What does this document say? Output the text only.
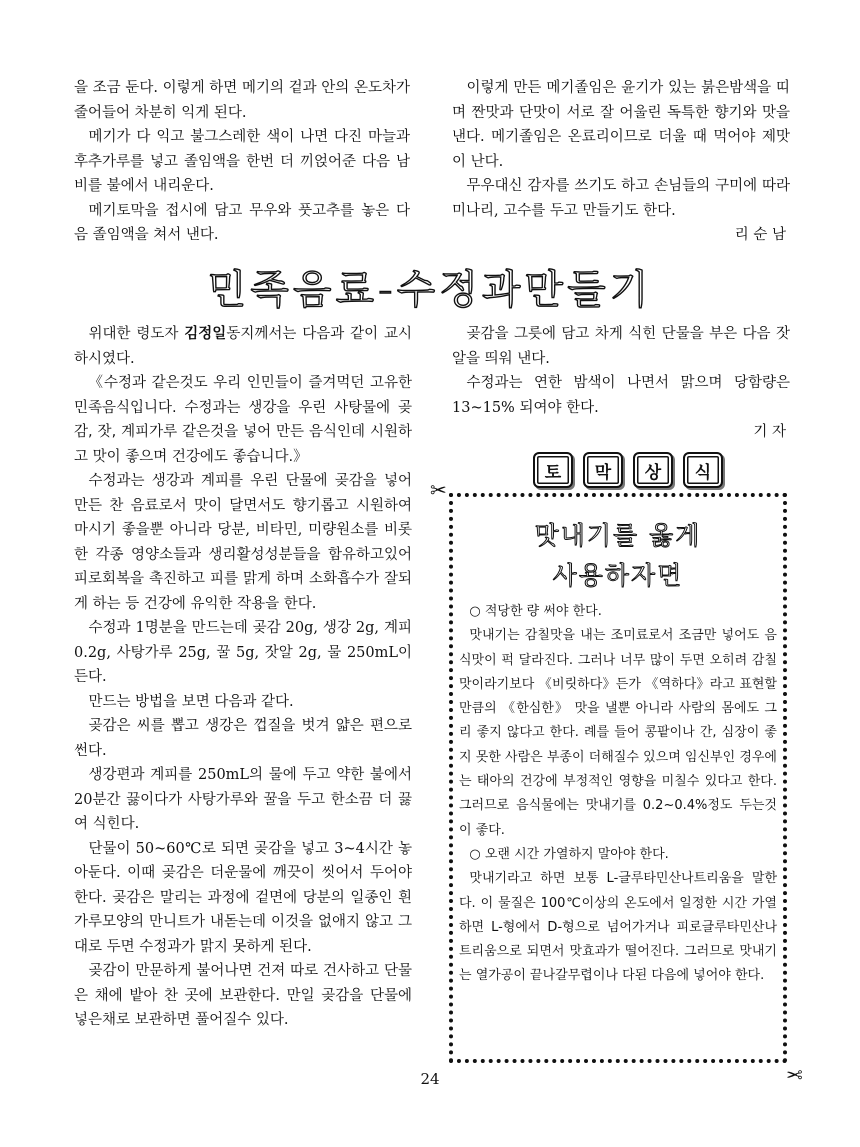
을 조금 둔다. 이렇게 하면 메기의 겉과 안의 온도차가 줄어들어 차분히 익게 된다.

메기가 다 익고 불그스레한 색이 나면 다진 마늘과 후추가루를 넣고 졸임액을 한번 더 끼얹어준 다음 남비를 불에서 내리운다.

메기토막을 접시에 담고 무우와 풋고추를 놓은 다음 졸임액을 쳐서 낸다.

이렇게 만든 메기졸임은 윤기가 있는 붉은밤색을 띠며 짠맛과 단맛이 서로 잘 어울린 독특한 향기와 맛을 낸다. 메기졸임은 온료리이므로 더울 때 먹어야 제맛이 난다.

무우대신 감자를 쓰기도 하고 손님들의 구미에 따라 미나리, 고수를 두고 만들기도 한다.

리 순 남

민족음료-수정과만들기

위대한 령도자 김정일동지께서는 다음과 같이 교시하시였다.

《수정과 같은것도 우리 인민들이 즐겨먹던 고유한 민족음식입니다. 수정과는 생강을 우린 사탕물에 곶감, 잣, 계피가루 같은것을 넣어 만든 음식인데 시원하고 맛이 좋으며 건강에도 좋습니다.》

수정과는 생강과 계피를 우린 단물에 곶감을 넣어 만든 찬 음료로서 맛이 달면서도 향기롭고 시원하여 마시기 좋을뿐 아니라 당분, 비타민, 미량원소를 비롯한 각종 영양소들과 생리활성성분들을 함유하고있어 피로회복을 촉진하고 피를 맑게 하며 소화흡수가 잘되게 하는 등 건강에 유익한 작용을 한다.

수정과 1명분을 만드는데 곶감 20g, 생강 2g, 계피 0.2g, 사탕가루 25g, 꿀 5g, 잣알 2g, 물 250mL이 든다.

만드는 방법을 보면 다음과 같다.

곶감은 씨를 뽑고 생강은 껍질을 벗겨 얇은 편으로 썬다.

생강편과 계피를 250mL의 물에 두고 약한 불에서 20분간 끓이다가 사탕가루와 꿀을 두고 한소끔 더 끓여 식힌다.

단물이 50~60℃로 되면 곶감을 넣고 3~4시간 놓아둔다. 이때 곶감은 더운물에 깨끗이 씻어서 두어야 한다. 곶감은 말리는 과정에 겉면에 당분의 일종인 흰 가루모양의 만니트가 내돋는데 이것을 없애지 않고 그대로 두면 수정과가 맑지 못하게 된다.

곶감이 만문하게 불어나면 건져 따로 건사하고 단물은 채에 밭아 찬 곳에 보관한다. 만일 곶감을 단물에 넣은채로 보관하면 풀어질수 있다.

곶감을 그릇에 담고 차게 식힌 단물을 부은 다음 잣알을 띄워 낸다.

수정과는 연한 밤색이 나면서 맑으며 당함량은 13~15% 되여야 한다.

기 자

토	막	상	식
✂
✂
맛내기를 옳게
사용하자면

○ 적당한 량 써야 한다.

맛내기는 감칠맛을 내는 조미료로서 조금만 넣어도 음식맛이 퍽 달라진다. 그러나 너무 많이 두면 오히려 감칠맛이라기보다 《비릿하다》든가 《역하다》라고 표현할 만큼의 《한심한》 맛을 낼뿐 아니라 사람의 몸에도 그리 좋지 않다고 한다. 례를 들어 콩팥이나 간, 심장이 좋지 못한 사람은 부종이 더해질수 있으며 임신부인 경우에는 태아의 건강에 부정적인 영향을 미칠수 있다고 한다. 그러므로 음식물에는 맛내기를 0.2~0.4%정도 두는것이 좋다.

○ 오랜 시간 가열하지 말아야 한다.

맛내기라고 하면 보통 L-글루타민산나트리움을 말한다. 이 물질은 100℃이상의 온도에서 일정한 시간 가열하면 L-형에서 D-형으로 넘어가거나 피로글루타민산나트리움으로 되면서 맛효과가 떨어진다. 그러므로 맛내기는 열가공이 끝나갈무렵이나 다된 다음에 넣어야 한다.

24
